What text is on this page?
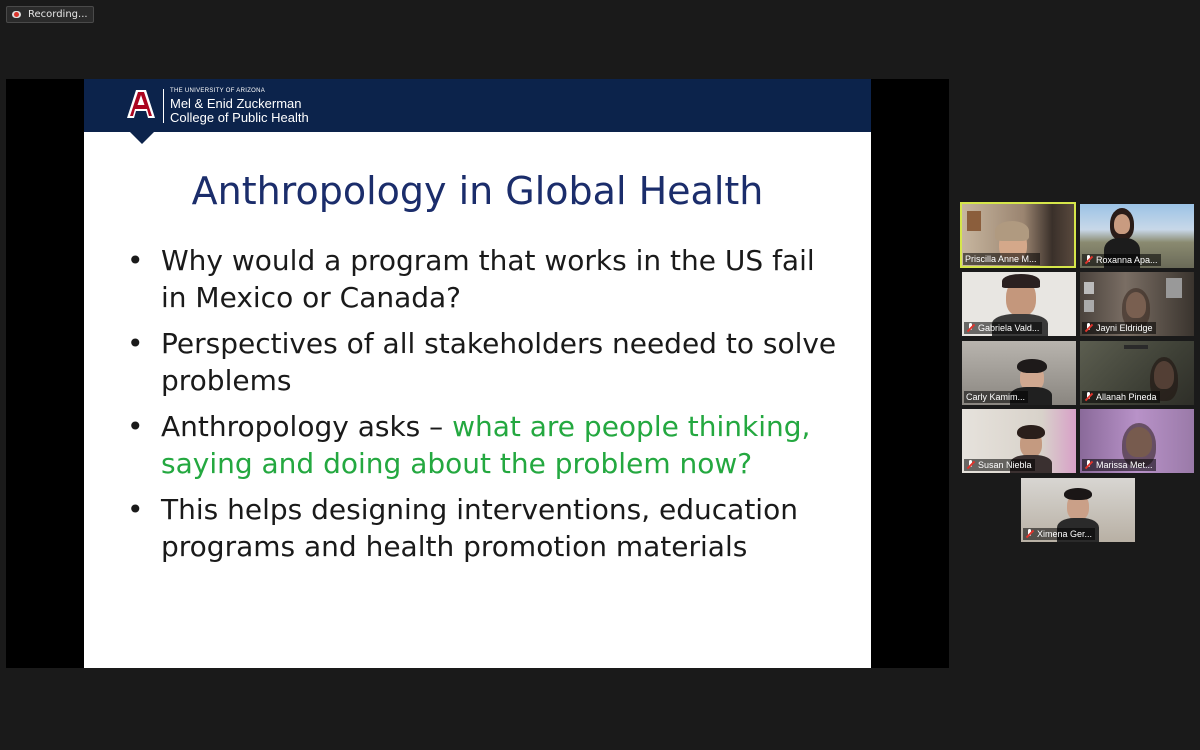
Recording...
THE UNIVERSITY OF ARIZONA
Mel & Enid Zuckerman
College of Public Health
Anthropology in Global Health
• Why would a program that works in the US fail in Mexico or Canada?
• Perspectives of all stakeholders needed to solve problems
• Anthropology asks – what are people thinking, saying and doing about the problem now?
• This helps designing interventions, education programs and health promotion materials
Priscilla Anne M...	Roxanna Apa...
Gabriela Vald...	Jayni Eldridge
Carly Kamim...	Allanah Pineda
Susan Niebla	Marissa Met...
Ximena Ger...
